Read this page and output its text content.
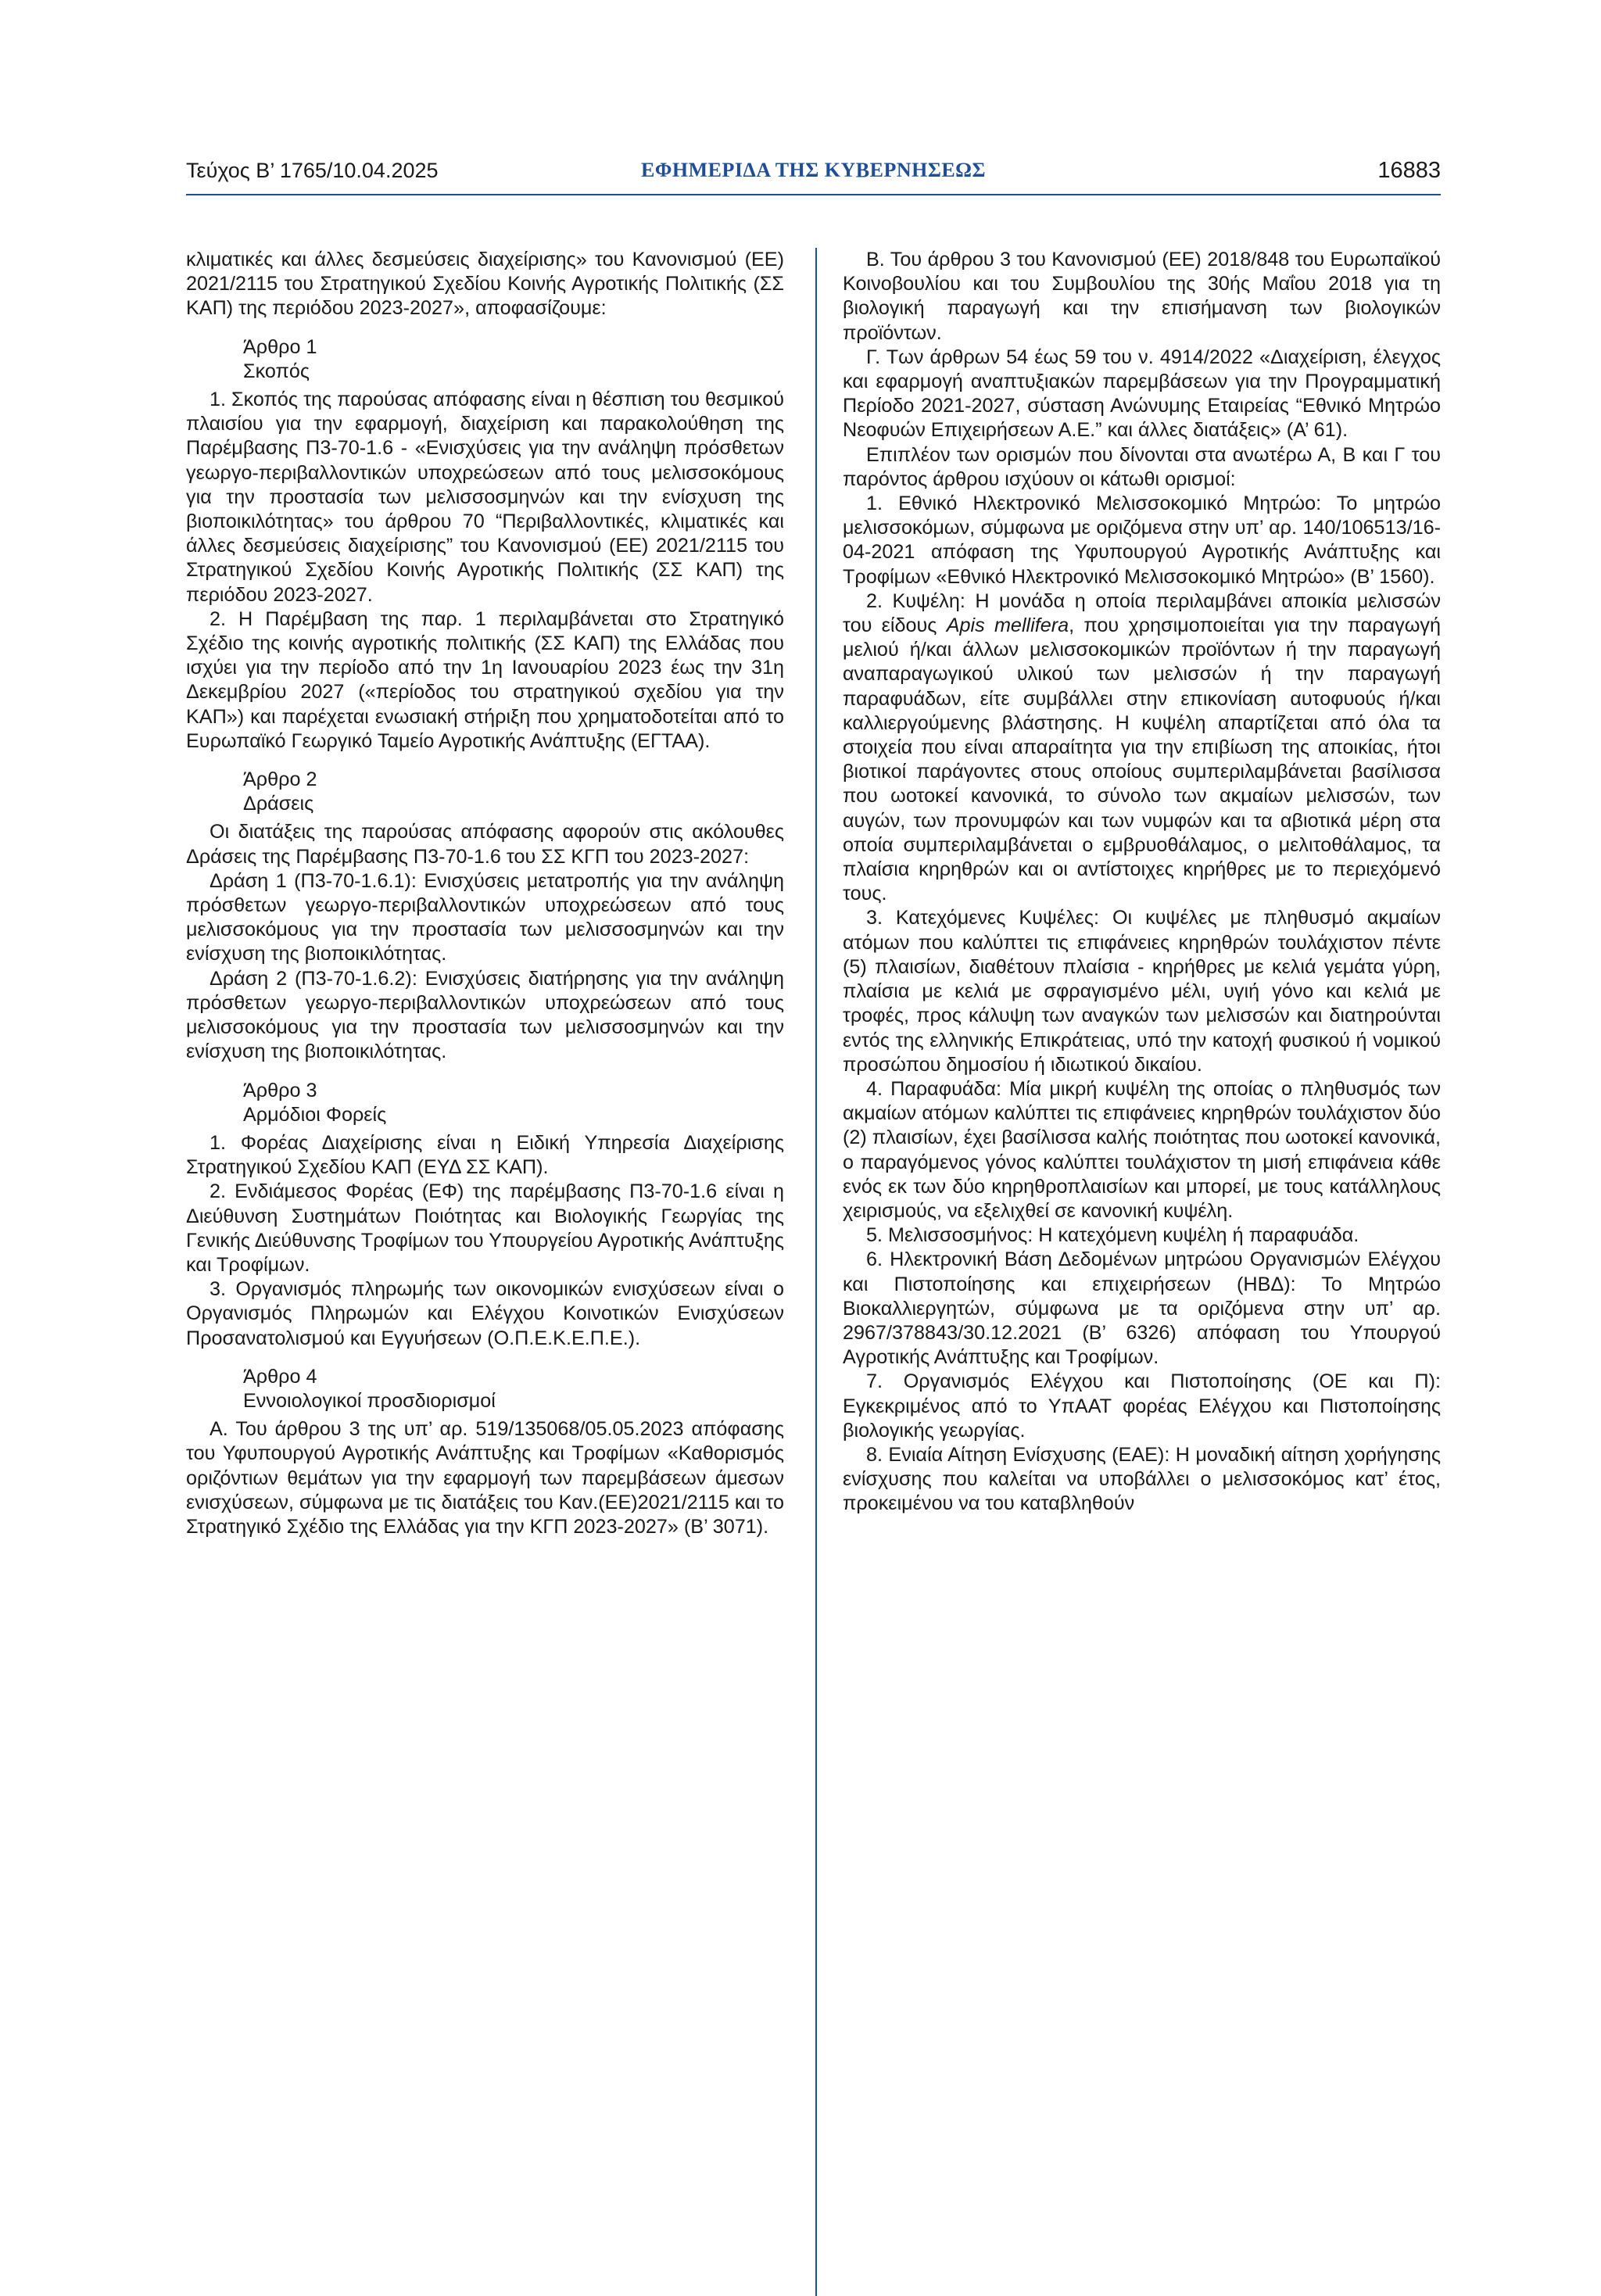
Τεύχος Β’ 1765/10.04.2025	ΕΦΗΜΕΡΙΔΑ ΤΗΣ ΚΥΒΕΡΝΗΣΕΩΣ	16883

κλιματικές και άλλες δεσμεύσεις διαχείρισης» του Κανονισμού (ΕΕ) 2021/2115 του Στρατηγικού Σχεδίου Κοινής Αγροτικής Πολιτικής (ΣΣ ΚΑΠ) της περιόδου 2023-2027», αποφασίζουμε:

Άρθρο 1

Σκοπός

1. Σκοπός της παρούσας απόφασης είναι η θέσπιση του θεσμικού πλαισίου για την εφαρμογή, διαχείριση και παρακολούθηση της Παρέμβασης Π3-70-1.6 - «Ενισχύσεις για την ανάληψη πρόσθετων γεωργο-περιβαλλοντικών υποχρεώσεων από τους μελισσοκόμους για την προστασία των μελισσοσμηνών και την ενίσχυση της βιοποικιλότητας» του άρθρου 70 “Περιβαλλοντικές, κλιματικές και άλλες δεσμεύσεις διαχείρισης” του Κανονισμού (ΕΕ) 2021/2115 του Στρατηγικού Σχεδίου Κοινής Αγροτικής Πολιτικής (ΣΣ ΚΑΠ) της περιόδου 2023-2027.

2. Η Παρέμβαση της παρ. 1 περιλαμβάνεται στο Στρατηγικό Σχέδιο της κοινής αγροτικής πολιτικής (ΣΣ ΚΑΠ) της Ελλάδας που ισχύει για την περίοδο από την 1η Ιανουαρίου 2023 έως την 31η Δεκεμβρίου 2027 («περίοδος του στρατηγικού σχεδίου για την ΚΑΠ») και παρέχεται ενωσιακή στήριξη που χρηματοδοτείται από το Ευρωπαϊκό Γεωργικό Ταμείο Αγροτικής Ανάπτυξης (ΕΓΤΑΑ).

Άρθρο 2

Δράσεις

Οι διατάξεις της παρούσας απόφασης αφορούν στις ακόλουθες Δράσεις της Παρέμβασης Π3-70-1.6 του ΣΣ ΚΓΠ του 2023-2027:

Δράση 1 (Π3-70-1.6.1): Ενισχύσεις μετατροπής για την ανάληψη πρόσθετων γεωργο-περιβαλλοντικών υποχρεώσεων από τους μελισσοκόμους για την προστασία των μελισσοσμηνών και την ενίσχυση της βιοποικιλότητας.

Δράση 2 (Π3-70-1.6.2): Ενισχύσεις διατήρησης για την ανάληψη πρόσθετων γεωργο-περιβαλλοντικών υποχρεώσεων από τους μελισσοκόμους για την προστασία των μελισσοσμηνών και την ενίσχυση της βιοποικιλότητας.

Άρθρο 3

Αρμόδιοι Φορείς

1. Φορέας Διαχείρισης είναι η Ειδική Υπηρεσία Διαχείρισης Στρατηγικού Σχεδίου ΚΑΠ (ΕΥΔ ΣΣ ΚΑΠ).

2. Ενδιάμεσος Φορέας (ΕΦ) της παρέμβασης Π3-70-1.6 είναι η Διεύθυνση Συστημάτων Ποιότητας και Βιολογικής Γεωργίας της Γενικής Διεύθυνσης Τροφίμων του Υπουργείου Αγροτικής Ανάπτυξης και Τροφίμων.

3. Οργανισμός πληρωμής των οικονομικών ενισχύσεων είναι ο Οργανισμός Πληρωμών και Ελέγχου Κοινοτικών Ενισχύσεων Προσανατολισμού και Εγγυήσεων (Ο.Π.Ε.Κ.Ε.Π.Ε.).

Άρθρο 4

Εννοιολογικοί προσδιορισμοί

Α. Του άρθρου 3 της υπ’ αρ. 519/135068/05.05.2023 απόφασης του Υφυπουργού Αγροτικής Ανάπτυξης και Τροφίμων «Καθορισμός οριζόντιων θεμάτων για την εφαρμογή των παρεμβάσεων άμεσων ενισχύσεων, σύμφωνα με τις διατάξεις του Καν.(ΕΕ)2021/2115 και το Στρατηγικό Σχέδιο της Ελλάδας για την ΚΓΠ 2023-2027» (Β’ 3071).

Β. Του άρθρου 3 του Κανονισμού (ΕΕ) 2018/848 του Ευρωπαϊκού Κοινοβουλίου και του Συμβουλίου της 30ής Μαΐου 2018 για τη βιολογική παραγωγή και την επισήμανση των βιολογικών προϊόντων.

Γ. Των άρθρων 54 έως 59 του ν. 4914/2022 «Διαχείριση, έλεγχος και εφαρμογή αναπτυξιακών παρεμβάσεων για την Προγραμματική Περίοδο 2021-2027, σύσταση Ανώνυμης Εταιρείας “Εθνικό Μητρώο Νεοφυών Επιχειρήσεων Α.Ε.” και άλλες διατάξεις» (Α’ 61).

Επιπλέον των ορισμών που δίνονται στα ανωτέρω Α, Β και Γ του παρόντος άρθρου ισχύουν οι κάτωθι ορισμοί:

1. Εθνικό Ηλεκτρονικό Μελισσοκομικό Μητρώο: Το μητρώο μελισσοκόμων, σύμφωνα με οριζόμενα στην υπ’ αρ. 140/106513/16-04-2021 απόφαση της Υφυπουργού Αγροτικής Ανάπτυξης και Τροφίμων «Εθνικό Ηλεκτρονικό Μελισσοκομικό Μητρώο» (Β’ 1560).

2. Κυψέλη: Η μονάδα η οποία περιλαμβάνει αποικία μελισσών του είδους Apis mellifera, που χρησιμοποιείται για την παραγωγή μελιού ή/και άλλων μελισσοκομικών προϊόντων ή την παραγωγή αναπαραγωγικού υλικού των μελισσών ή την παραγωγή παραφυάδων, είτε συμβάλλει στην επικονίαση αυτοφυούς ή/και καλλιεργούμενης βλάστησης. Η κυψέλη απαρτίζεται από όλα τα στοιχεία που είναι απαραίτητα για την επιβίωση της αποικίας, ήτοι βιοτικοί παράγοντες στους οποίους συμπεριλαμβάνεται βασίλισσα που ωοτοκεί κανονικά, το σύνολο των ακμαίων μελισσών, των αυγών, των προνυμφών και των νυμφών και τα αβιοτικά μέρη στα οποία συμπεριλαμβάνεται ο εμβρυοθάλαμος, ο μελιτοθάλαμος, τα πλαίσια κηρηθρών και οι αντίστοιχες κηρήθρες με το περιεχόμενό τους.

3. Κατεχόμενες Κυψέλες: Οι κυψέλες με πληθυσμό ακμαίων ατόμων που καλύπτει τις επιφάνειες κηρηθρών τουλάχιστον πέντε (5) πλαισίων, διαθέτουν πλαίσια - κηρήθρες με κελιά γεμάτα γύρη, πλαίσια με κελιά με σφραγισμένο μέλι, υγιή γόνο και κελιά με τροφές, προς κάλυψη των αναγκών των μελισσών και διατηρούνται εντός της ελληνικής Επικράτειας, υπό την κατοχή φυσικού ή νομικού προσώπου δημοσίου ή ιδιωτικού δικαίου.

4. Παραφυάδα: Μία μικρή κυψέλη της οποίας ο πληθυσμός των ακμαίων ατόμων καλύπτει τις επιφάνειες κηρηθρών τουλάχιστον δύο (2) πλαισίων, έχει βασίλισσα καλής ποιότητας που ωοτοκεί κανονικά, ο παραγόμενος γόνος καλύπτει τουλάχιστον τη μισή επιφάνεια κάθε ενός εκ των δύο κηρηθροπλαισίων και μπορεί, με τους κατάλληλους χειρισμούς, να εξελιχθεί σε κανονική κυψέλη.

5. Μελισσοσμήνος: Η κατεχόμενη κυψέλη ή παραφυάδα.

6. Ηλεκτρονική Βάση Δεδομένων μητρώου Οργανισμών Ελέγχου και Πιστοποίησης και επιχειρήσεων (ΗΒΔ): Το Μητρώο Βιοκαλλιεργητών, σύμφωνα με τα οριζόμενα στην υπ’ αρ. 2967/378843/30.12.2021 (Β’ 6326) απόφαση του Υπουργού Αγροτικής Ανάπτυξης και Τροφίμων.

7. Οργανισμός Ελέγχου και Πιστοποίησης (ΟΕ και Π): Εγκεκριμένος από το ΥπΑΑΤ φορέας Ελέγχου και Πιστοποίησης βιολογικής γεωργίας.

8. Ενιαία Αίτηση Ενίσχυσης (ΕΑΕ): Η μοναδική αίτηση χορήγησης ενίσχυσης που καλείται να υποβάλλει ο μελισσοκόμος κατ’ έτος, προκειμένου να του καταβληθούν
